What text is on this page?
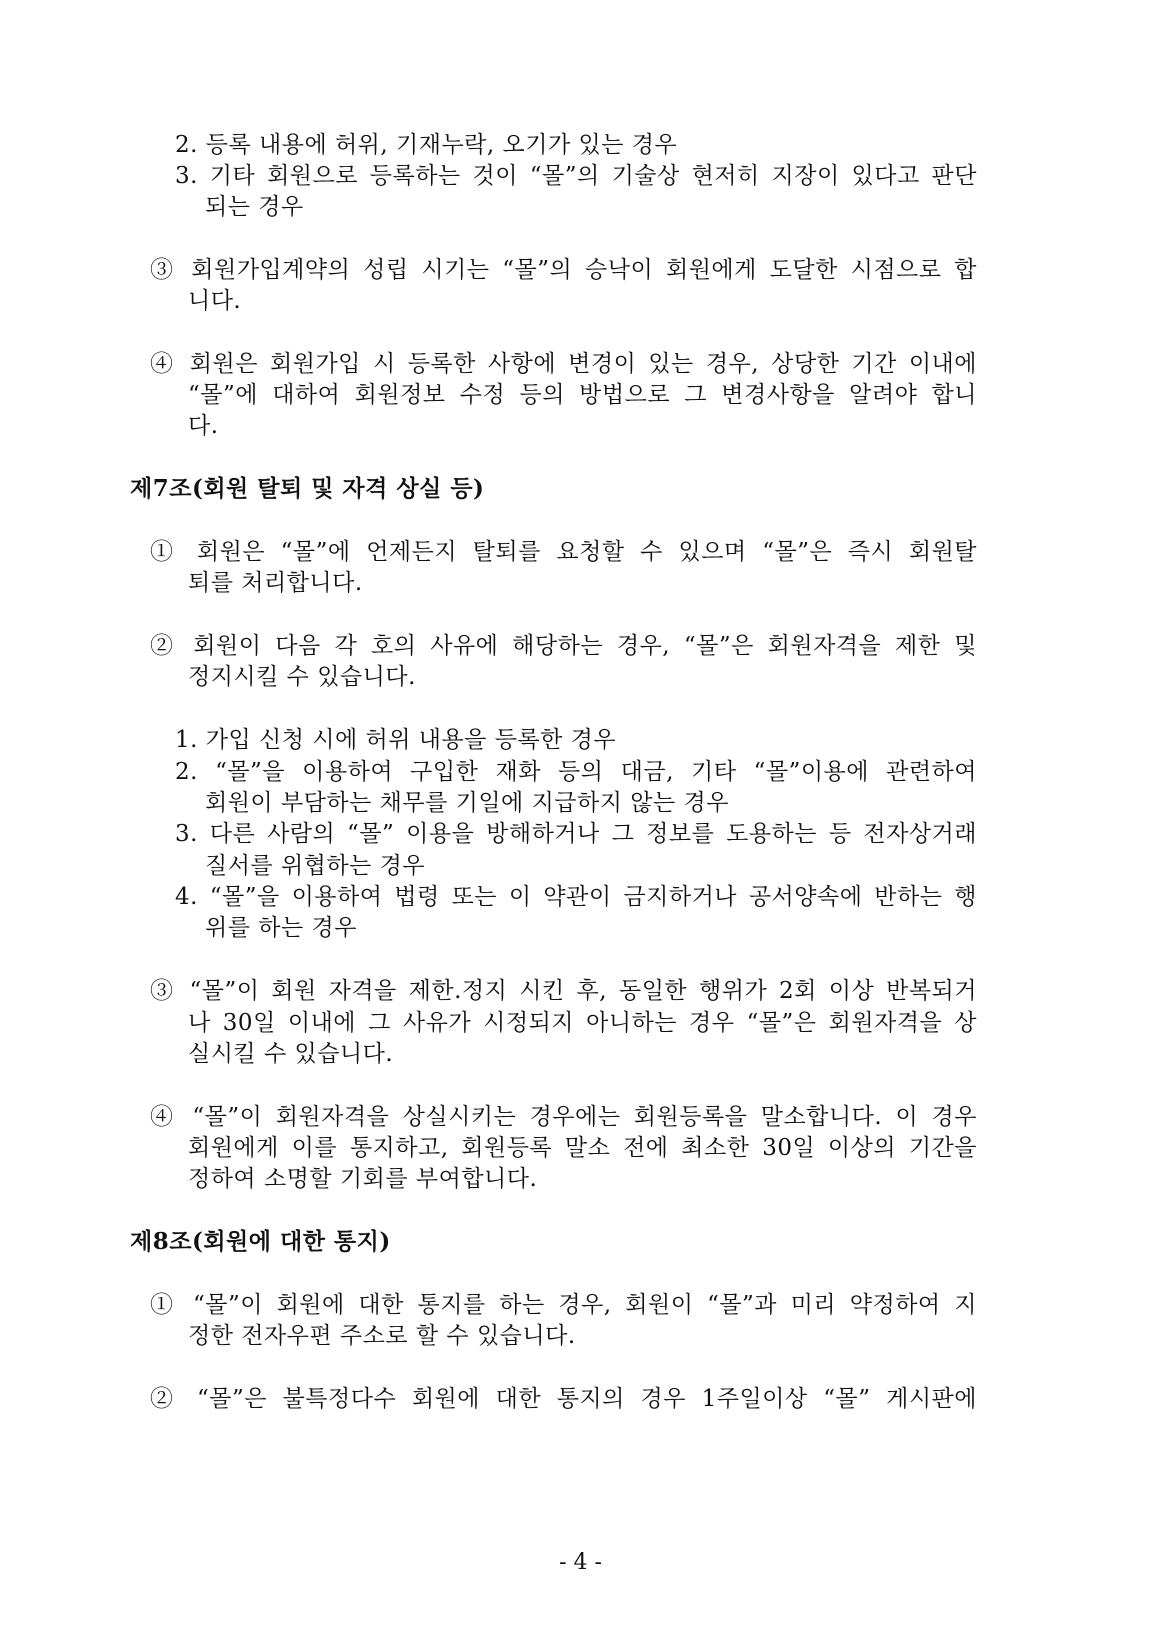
2. 등록 내용에 허위, 기재누락, 오기가 있는 경우
3. 기타 회원으로 등록하는 것이 “몰”의 기술상 현저히 지장이 있다고 판단
되는 경우
③ 회원가입계약의 성립 시기는 “몰”의 승낙이 회원에게 도달한 시점으로 합
니다.
④ 회원은 회원가입 시 등록한 사항에 변경이 있는 경우, 상당한 기간 이내에
“몰”에 대하여 회원정보 수정 등의 방법으로 그 변경사항을 알려야 합니
다.
제7조(회원 탈퇴 및 자격 상실 등)
① 회원은 “몰”에 언제든지 탈퇴를 요청할 수 있으며 “몰”은 즉시 회원탈
퇴를 처리합니다.
② 회원이 다음 각 호의 사유에 해당하는 경우, “몰”은 회원자격을 제한 및
정지시킬 수 있습니다.
1. 가입 신청 시에 허위 내용을 등록한 경우
2. “몰”을 이용하여 구입한 재화 등의 대금, 기타 “몰”이용에 관련하여
회원이 부담하는 채무를 기일에 지급하지 않는 경우
3. 다른 사람의 “몰” 이용을 방해하거나 그 정보를 도용하는 등 전자상거래
질서를 위협하는 경우
4. “몰”을 이용하여 법령 또는 이 약관이 금지하거나 공서양속에 반하는 행
위를 하는 경우
③ “몰”이 회원 자격을 제한.정지 시킨 후, 동일한 행위가 2회 이상 반복되거
나 30일 이내에 그 사유가 시정되지 아니하는 경우 “몰”은 회원자격을 상
실시킬 수 있습니다.
④ “몰”이 회원자격을 상실시키는 경우에는 회원등록을 말소합니다. 이 경우
회원에게 이를 통지하고, 회원등록 말소 전에 최소한 30일 이상의 기간을
정하여 소명할 기회를 부여합니다.
제8조(회원에 대한 통지)
① “몰”이 회원에 대한 통지를 하는 경우, 회원이 “몰”과 미리 약정하여 지
정한 전자우편 주소로 할 수 있습니다.
② “몰”은 불특정다수 회원에 대한 통지의 경우 1주일이상 “몰” 게시판에
- 4 -
